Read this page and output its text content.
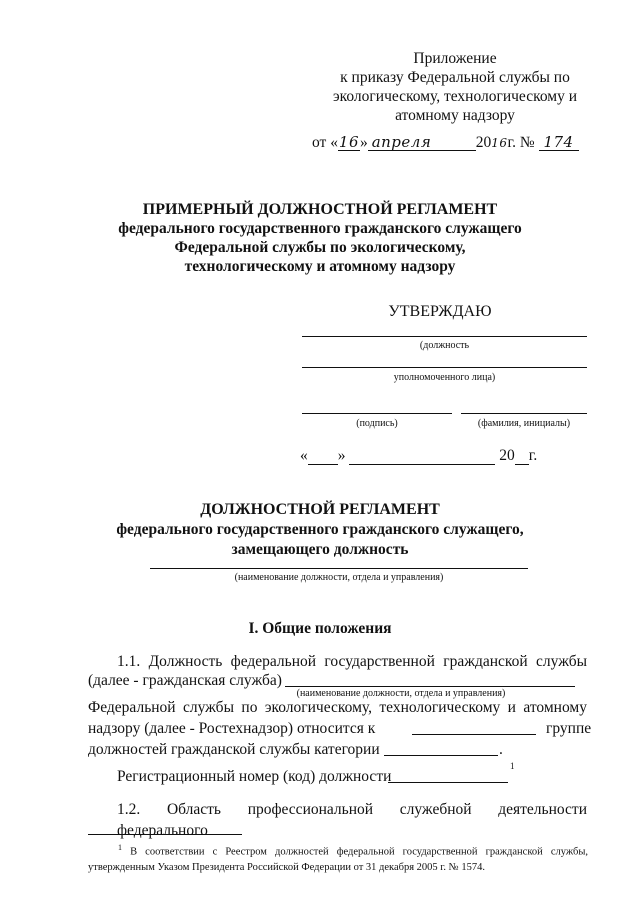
Приложение
к приказу Федеральной службы по
экологическому, технологическому и
атомному надзору
от «16» апреля	2016г. № 174
ПРИМЕРНЫЙ ДОЛЖНОСТНОЙ РЕГЛАМЕНТ
федерального государственного гражданского служащего
Федеральной службы по экологическому,
технологическому и атомному надзору
УТВЕРЖДАЮ
(должность
уполномоченного лица)
(подпись)	(фамилия, инициалы)
« »	20 г.
ДОЛЖНОСТНОЙ РЕГЛАМЕНТ
федерального государственного гражданского служащего,
замещающего должность
(наименование должности, отдела и управления)
I. Общие положения
1.1. Должность федеральной государственной гражданской службы
(далее - гражданская служба)
(наименование должности, отдела и управления)
Федеральной службы по экологическому, технологическому и атомному
надзору (далее - Ростехнадзор) относится к	группе
должностей гражданской службы категории	.
Регистрационный номер (код) должности
1
1.2. Область профессиональной служебной деятельности федерального
$^1$ В соответствии с Реестром должностей федеральной государственной гражданской службы,
утвержденным Указом Президента Российской Федерации от 31 декабря 2005 г. № 1574.
